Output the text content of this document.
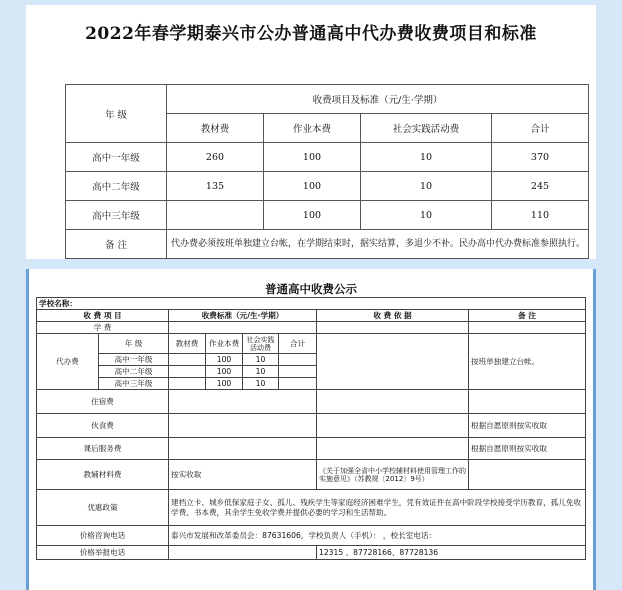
2022年春学期泰兴市公办普通高中代办费收费项目和标准
年 级	收费项目及标准（元/生·学期）			
	教材费	作业本费	社会实践活动费	合计
高中一年级	260	100	10	370
高中二年级	135	100	10	245
高中三年级		100	10	110
备 注	代办费必须按班单独建立台帐，在学期结束时，据实结算，多退少不补。民办高中代办费标准参照执行。			
普通高中收费公示							
学校名称：							
收 费 项 目		收费标准（元/生·学期）				收 费 依 据	备 注
学 费							
代办费	年 级	教材费	作业本费	社会实践活动费	合计		按班单独建立台帐。
	高中一年级		100	10			
	高中二年级		100	10			
	高中三年级		100	10			
住宿费							
伙食费							根据自愿原则按实收取
课后服务费							根据自愿原则按实收取
教辅材料费		按实收取				《关于加强全省中小学校辅材料使用管理工作的实施意见》（苏教规〔2012〕9号）	
优惠政策		建档立卡、城乡低保家庭子女、孤儿、残疾学生等家庭经济困难学生，凭有效证件在高中阶段学校接受学历教育，孤儿免收学费、书本费，其余学生免收学费并提供必要的学习和生活帮助。					
价格咨询电话		泰兴市发展和改革委员会：87631606，学校负责人（手机）： ，校长室电话：					
价格举报电话						12315 、87728166、87728136	
